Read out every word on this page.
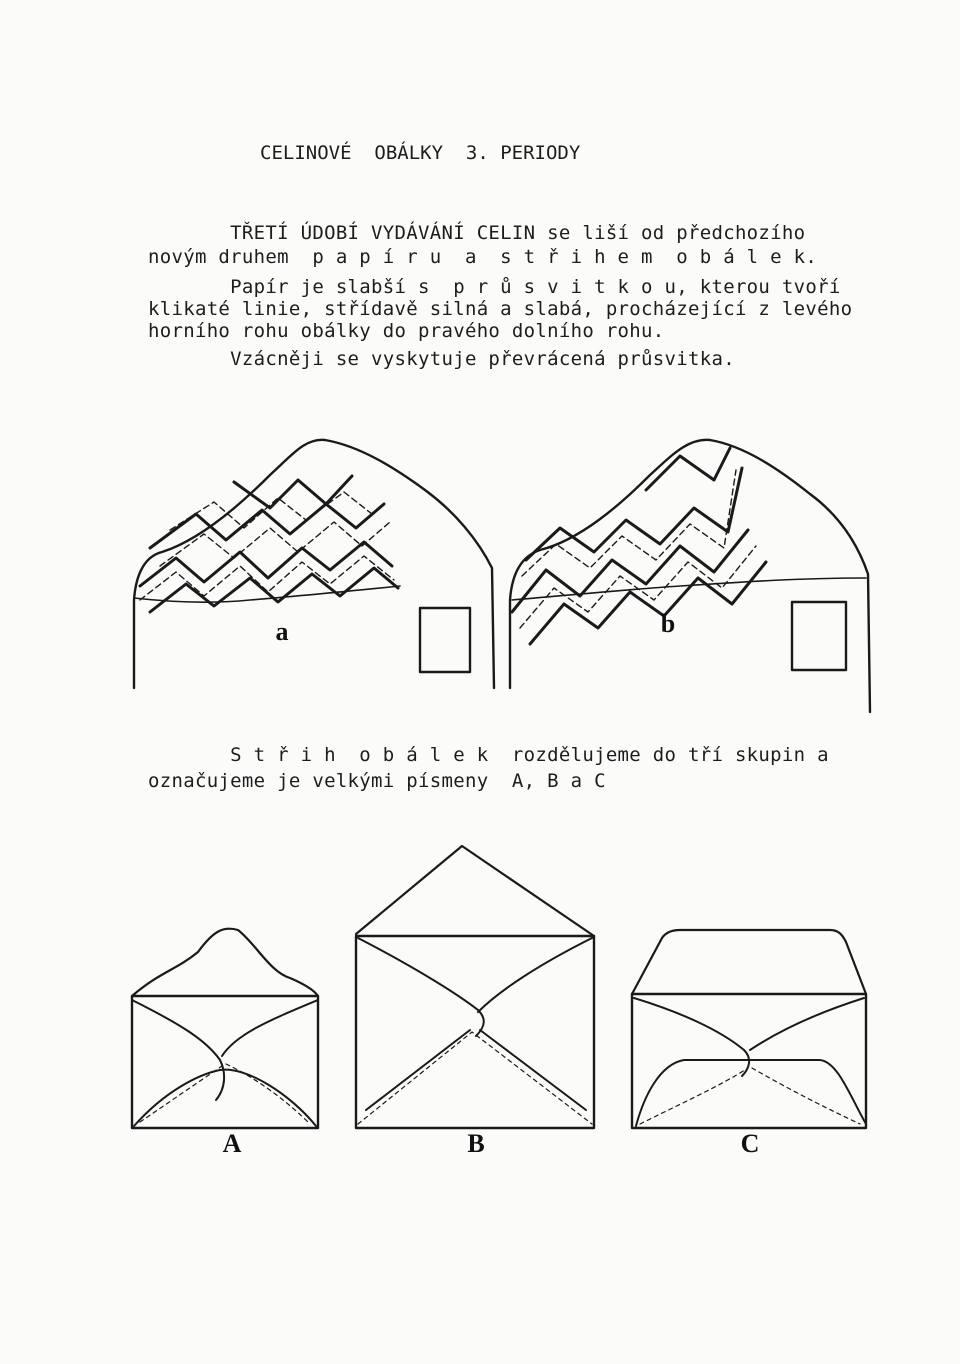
CELINOVÉ  OBÁLKY  3. PERIODY
TŘETÍ ÚDOBÍ VYDÁVÁNÍ CELIN se liší od předchozího
novým druhem  p a p í r u  a  s t ř i h e m  o b á l e k.
Papír je slabší s  p r ů s v i t k o u, kterou tvoří
klikaté linie, střídavě silná a slabá, procházející z levého
horního rohu obálky do pravého dolního rohu.
Vzácněji se vyskytuje převrácená průsvitka.
S t ř i h  o b á l e k  rozdělujeme do tří skupin a
označujeme je velkými písmeny  A, B a C
a	b
A	B	C
